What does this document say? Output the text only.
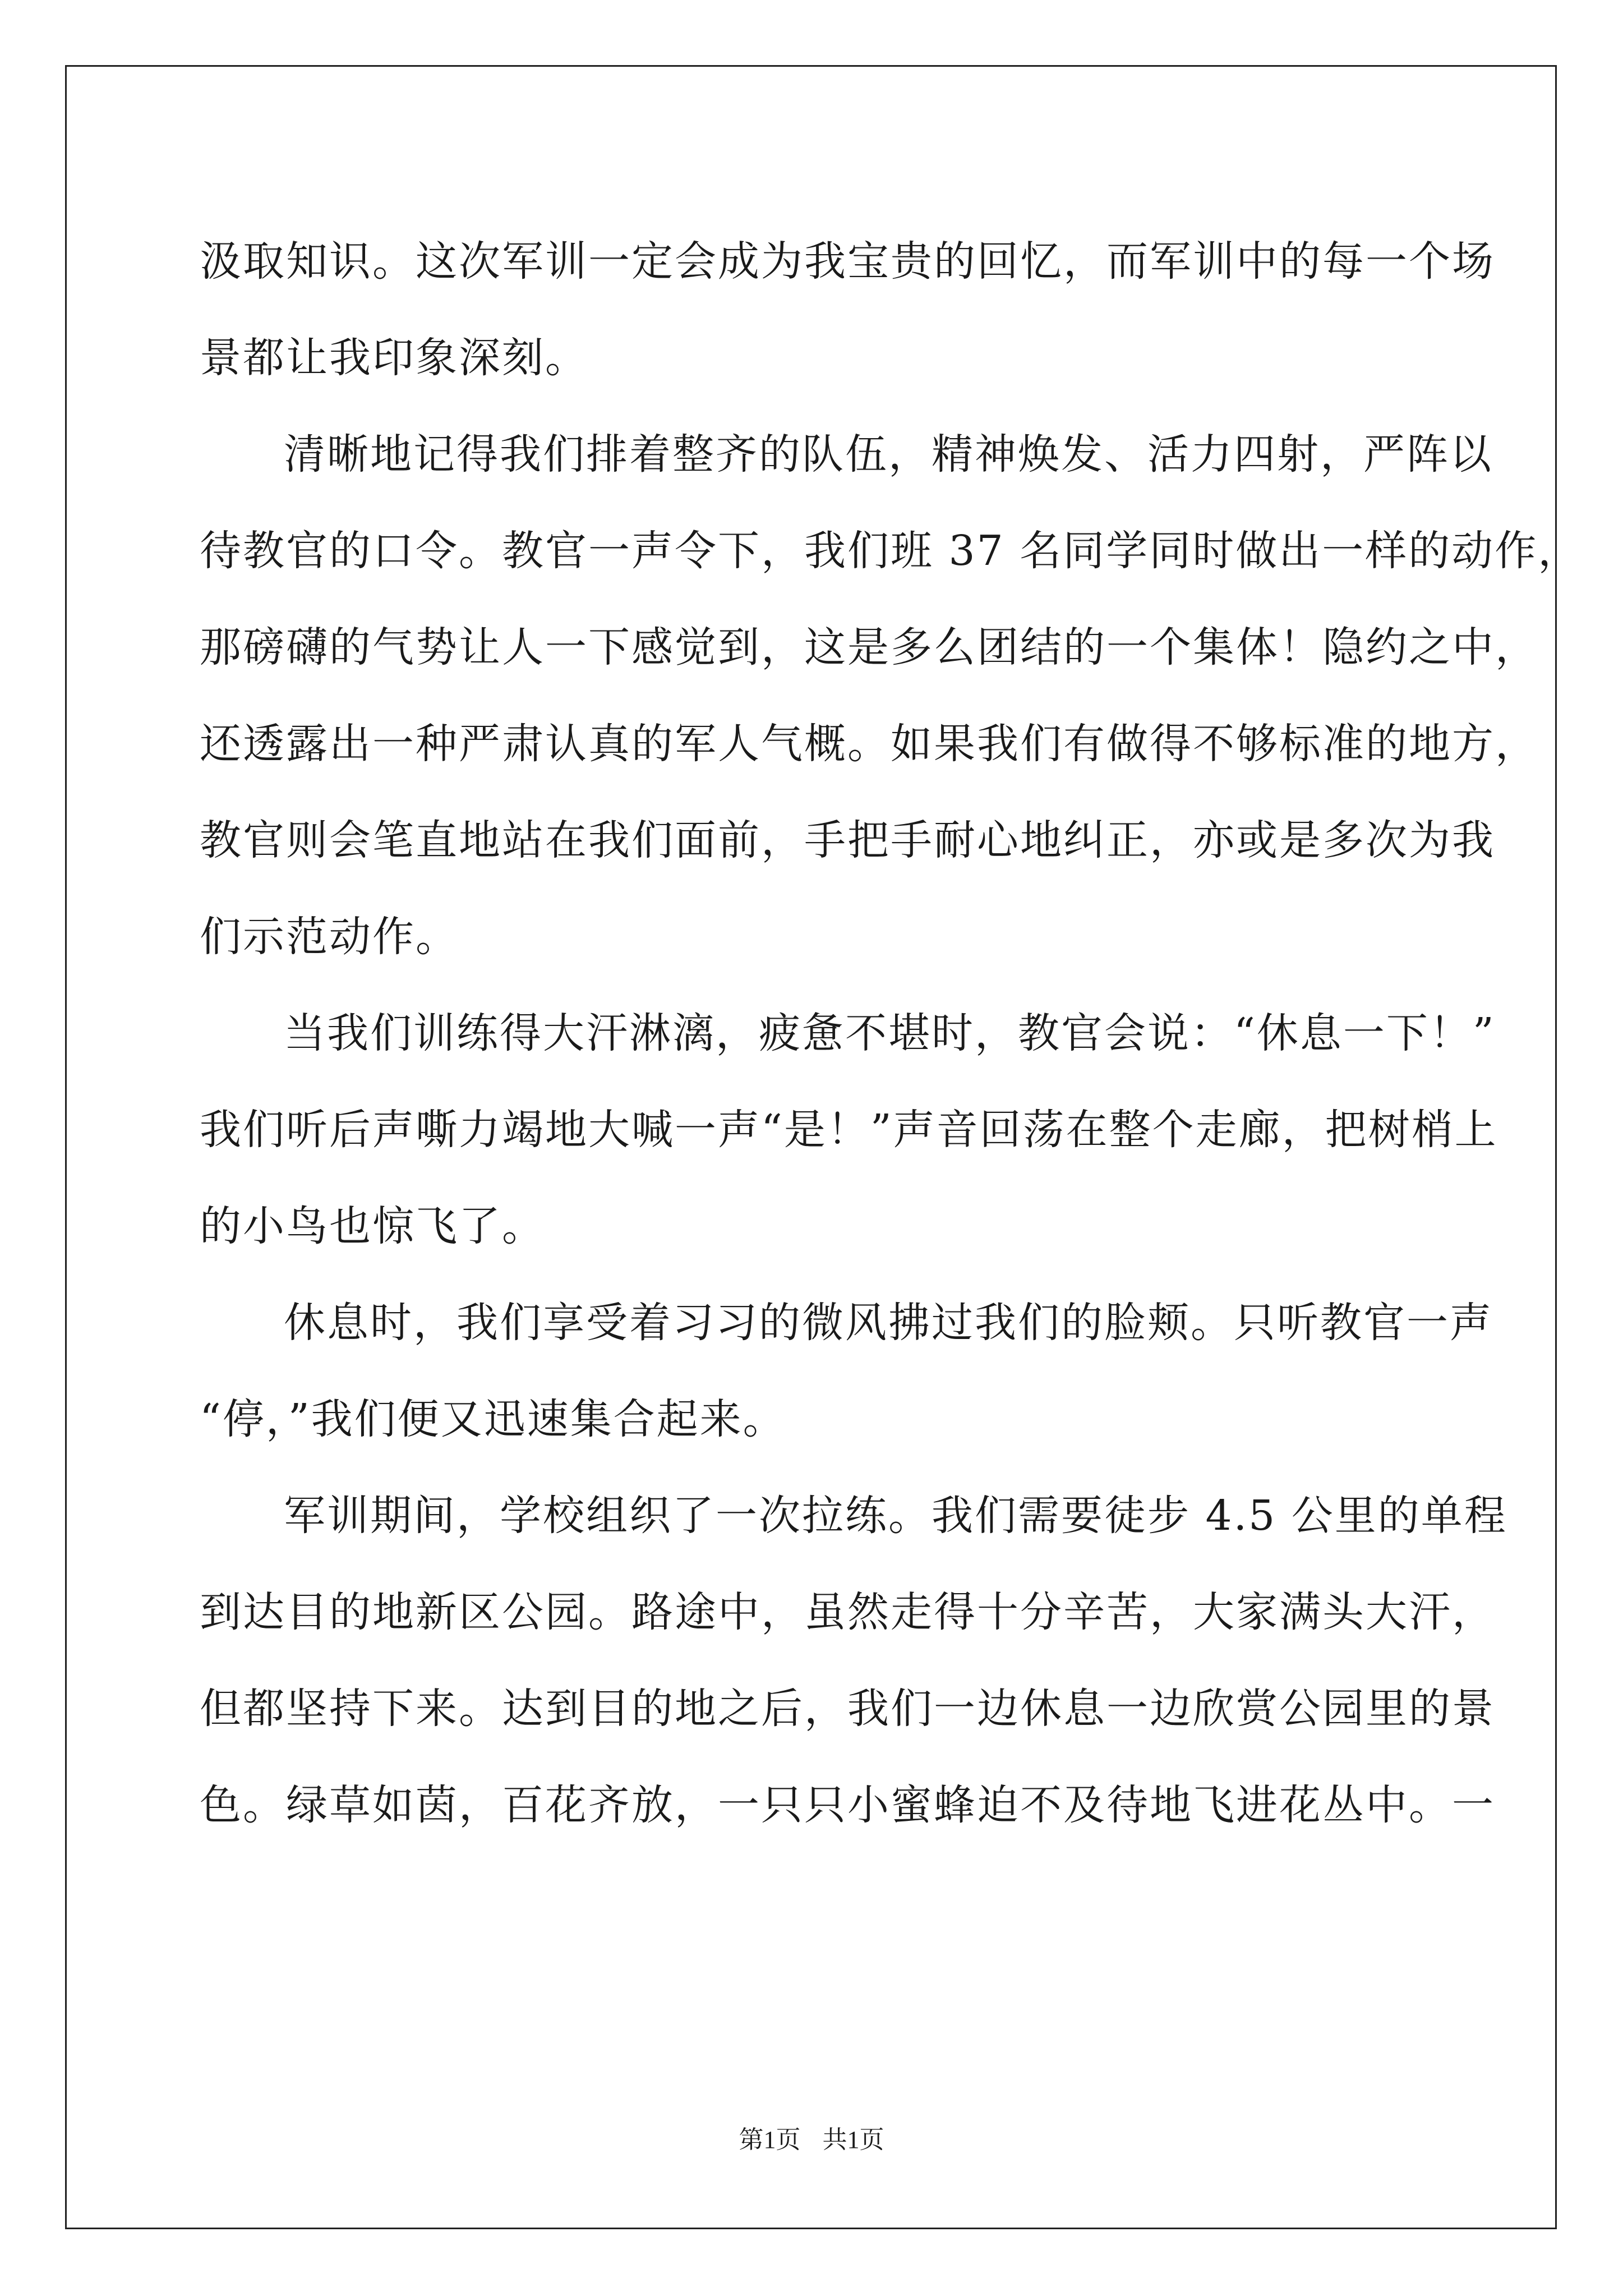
汲取知识。这次军训一定会成为我宝贵的回忆，而军训中的每一个场
景都让我印象深刻。
清晰地记得我们排着整齐的队伍，精神焕发、活力四射，严阵以
待教官的口令。教官一声令下，我们班 37 名同学同时做出一样的动作，
那磅礴的气势让人一下感觉到，这是多么团结的一个集体！隐约之中，
还透露出一种严肃认真的军人气概。如果我们有做得不够标准的地方，
教官则会笔直地站在我们面前，手把手耐心地纠正，亦或是多次为我
们示范动作。
当我们训练得大汗淋漓，疲惫不堪时，教官会说：“休息一下！”
我们听后声嘶力竭地大喊一声“是！”声音回荡在整个走廊，把树梢上
的小鸟也惊飞了。
休息时，我们享受着习习的微风拂过我们的脸颊。只听教官一声
“停，”我们便又迅速集合起来。
军训期间，学校组织了一次拉练。我们需要徒步 4.5 公里的单程
到达目的地新区公园。路途中，虽然走得十分辛苦，大家满头大汗，
但都坚持下来。达到目的地之后，我们一边休息一边欣赏公园里的景
色。绿草如茵，百花齐放，一只只小蜜蜂迫不及待地飞进花丛中。一
第1页 共1页
